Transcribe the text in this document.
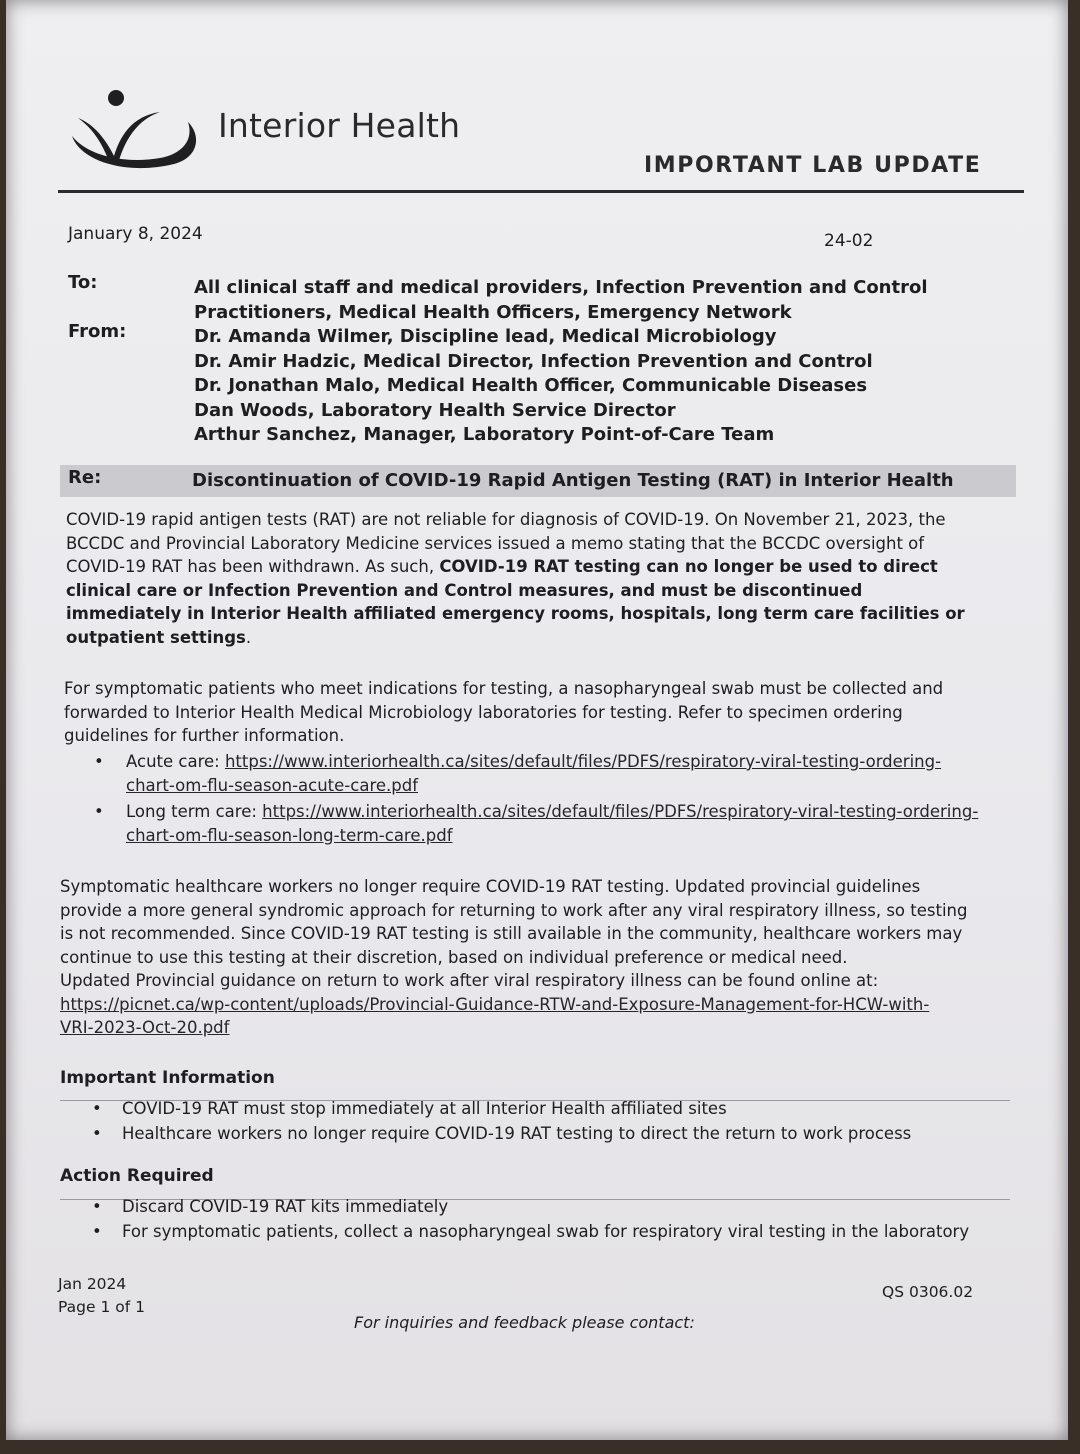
Interior Health
IMPORTANT LAB UPDATE
January 8, 2024	24-02
To:	All clinical staff and medical providers, Infection Prevention and Control
Practitioners, Medical Health Officers, Emergency Network
From:	Dr. Amanda Wilmer, Discipline lead, Medical Microbiology
Dr. Amir Hadzic, Medical Director, Infection Prevention and Control
Dr. Jonathan Malo, Medical Health Officer, Communicable Diseases
Dan Woods, Laboratory Health Service Director
Arthur Sanchez, Manager, Laboratory Point-of-Care Team
Re:	Discontinuation of COVID-19 Rapid Antigen Testing (RAT) in Interior Health

COVID-19 rapid antigen tests (RAT) are not reliable for diagnosis of COVID-19. On November 21, 2023, the

BCCDC and Provincial Laboratory Medicine services issued a memo stating that the BCCDC oversight of

COVID-19 RAT has been withdrawn. As such, COVID-19 RAT testing can no longer be used to direct

clinical care or Infection Prevention and Control measures, and must be discontinued

immediately in Interior Health affiliated emergency rooms, hospitals, long term care facilities or

outpatient settings.

For symptomatic patients who meet indications for testing, a nasopharyngeal swab must be collected and

forwarded to Interior Health Medical Microbiology laboratories for testing. Refer to specimen ordering

guidelines for further information.

• Acute care: https://www.interiorhealth.ca/sites/default/files/PDFS/respiratory-viral-testing-ordering-
chart-om-flu-season-acute-care.pdf
• Long term care: https://www.interiorhealth.ca/sites/default/files/PDFS/respiratory-viral-testing-ordering-
chart-om-flu-season-long-term-care.pdf

Symptomatic healthcare workers no longer require COVID-19 RAT testing. Updated provincial guidelines

provide a more general syndromic approach for returning to work after any viral respiratory illness, so testing

is not recommended. Since COVID-19 RAT testing is still available in the community, healthcare workers may

continue to use this testing at their discretion, based on individual preference or medical need.

Updated Provincial guidance on return to work after viral respiratory illness can be found online at:

https://picnet.ca/wp-content/uploads/Provincial-Guidance-RTW-and-Exposure-Management-for-HCW-with-

VRI-2023-Oct-20.pdf

Important Information
• COVID-19 RAT must stop immediately at all Interior Health affiliated sites
• Healthcare workers no longer require COVID-19 RAT testing to direct the return to work process
Action Required
• Discard COVID-19 RAT kits immediately
• For symptomatic patients, collect a nasopharyngeal swab for respiratory viral testing in the laboratory
Jan 2024
Page 1 of 1
QS 0306.02
For inquiries and feedback please contact:
